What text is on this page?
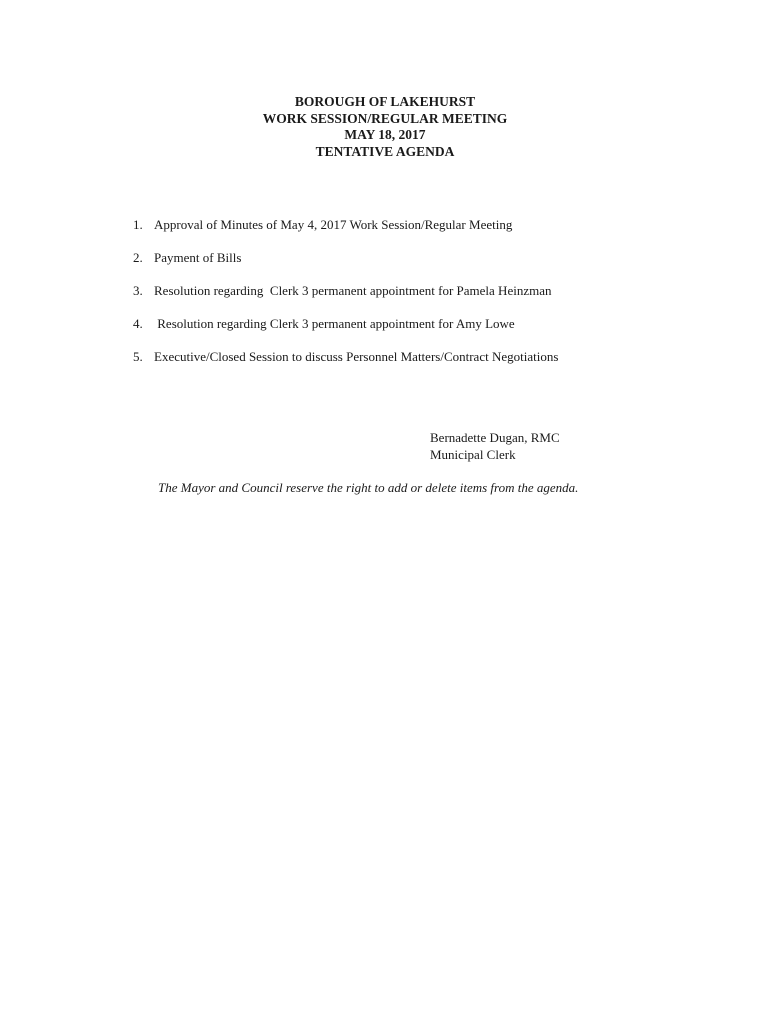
BOROUGH OF LAKEHURST
WORK SESSION/REGULAR MEETING
MAY 18, 2017
TENTATIVE AGENDA
1. Approval of Minutes of May 4, 2017 Work Session/Regular Meeting
2. Payment of Bills
3. Resolution regarding  Clerk 3 permanent appointment for Pamela Heinzman
4. Resolution regarding Clerk 3 permanent appointment for Amy Lowe
5. Executive/Closed Session to discuss Personnel Matters/Contract Negotiations
Bernadette Dugan, RMC
Municipal Clerk
The Mayor and Council reserve the right to add or delete items from the agenda.
